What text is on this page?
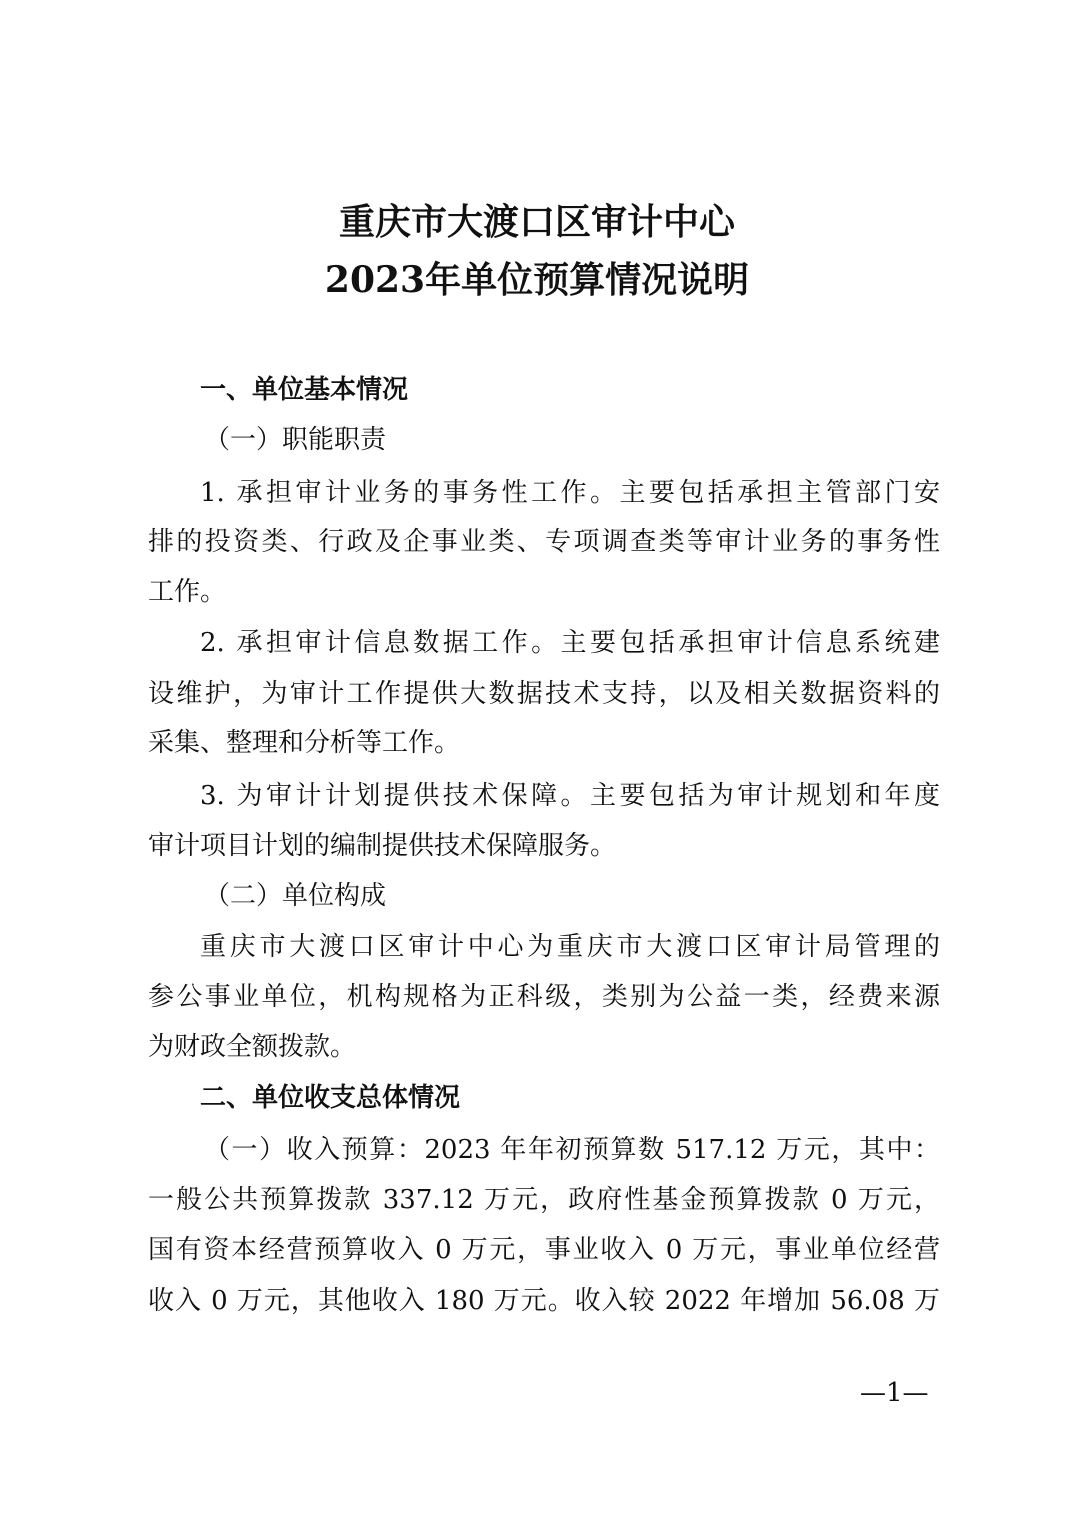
重庆市大渡口区审计中心
2023年单位预算情况说明
一、单位基本情况
（一）职能职责
1. 承担审计业务的事务性工作。主要包括承担主管部门安
排的投资类、行政及企事业类、专项调查类等审计业务的事务性
工作。
2. 承担审计信息数据工作。主要包括承担审计信息系统建
设维护，为审计工作提供大数据技术支持，以及相关数据资料的
采集、整理和分析等工作。
3. 为审计计划提供技术保障。主要包括为审计规划和年度
审计项目计划的编制提供技术保障服务。
（二）单位构成
重庆市大渡口区审计中心为重庆市大渡口区审计局管理的
参公事业单位，机构规格为正科级，类别为公益一类，经费来源
为财政全额拨款。
二、单位收支总体情况
（一）收入预算：2023 年年初预算数 517.12 万元，其中：
一般公共预算拨款 337.12 万元，政府性基金预算拨款 0 万元，
国有资本经营预算收入 0 万元，事业收入 0 万元，事业单位经营
收入 0 万元，其他收入 180 万元。收入较 2022 年增加 56.08 万
—1—
